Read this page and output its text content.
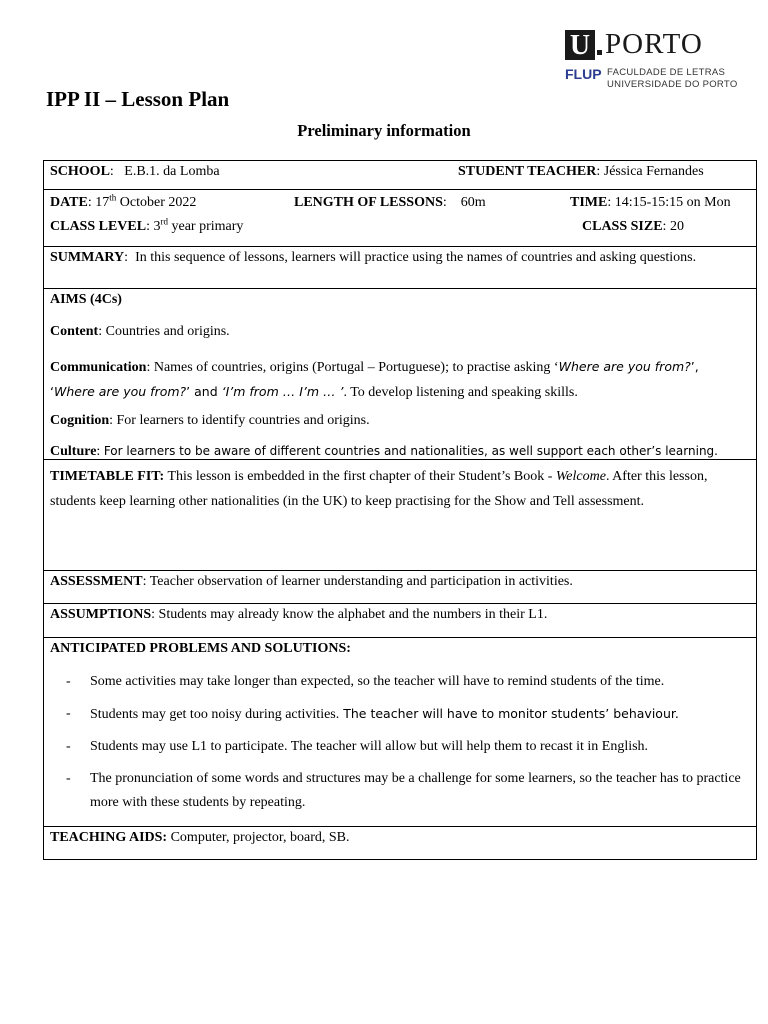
U PORTO
FLUP FACULDADE DE LETRAS
UNIVERSIDADE DO PORTO
IPP II – Lesson Plan
Preliminary information
SCHOOL:   E.B.1. da Lomba	STUDENT TEACHER: Jéssica Fernandes
DATE: 17th October 2022	LENGTH OF LESSONS:    60m	TIME: 14:15-15:15 on Mon
CLASS LEVEL: 3rd year primary	CLASS SIZE: 20

SUMMARY:  In this sequence of lessons, learners will practice using the names of countries and asking questions.

AIMS (4Cs)
Content: Countries and origins.
Communication: Names of countries, origins (Portugal – Portuguese); to practise asking ‘Where are you from?’, ‘Where are you from?’ and ‘I’m from … I’m … ’. To develop listening and speaking skills.
Cognition: For learners to identify countries and origins.
Culture: For learners to be aware of different countries and nationalities, as well support each other’s learning.

TIMETABLE FIT: This lesson is embedded in the first chapter of their Student’s Book - Welcome. After this lesson, students keep learning other nationalities (in the UK) to keep practising for the Show and Tell assessment.

ASSESSMENT: Teacher observation of learner understanding and participation in activities.

ASSUMPTIONS: Students may already know the alphabet and the numbers in their L1.

ANTICIPATED PROBLEMS AND SOLUTIONS:
- Some activities may take longer than expected, so the teacher will have to remind students of the time.
- Students may get too noisy during activities. The teacher will have to monitor students’ behaviour.
- Students may use L1 to participate. The teacher will allow but will help them to recast it in English.
- The pronunciation of some words and structures may be a challenge for some learners, so the teacher has to practice more with these students by repeating.

TEACHING AIDS: Computer, projector, board, SB.
